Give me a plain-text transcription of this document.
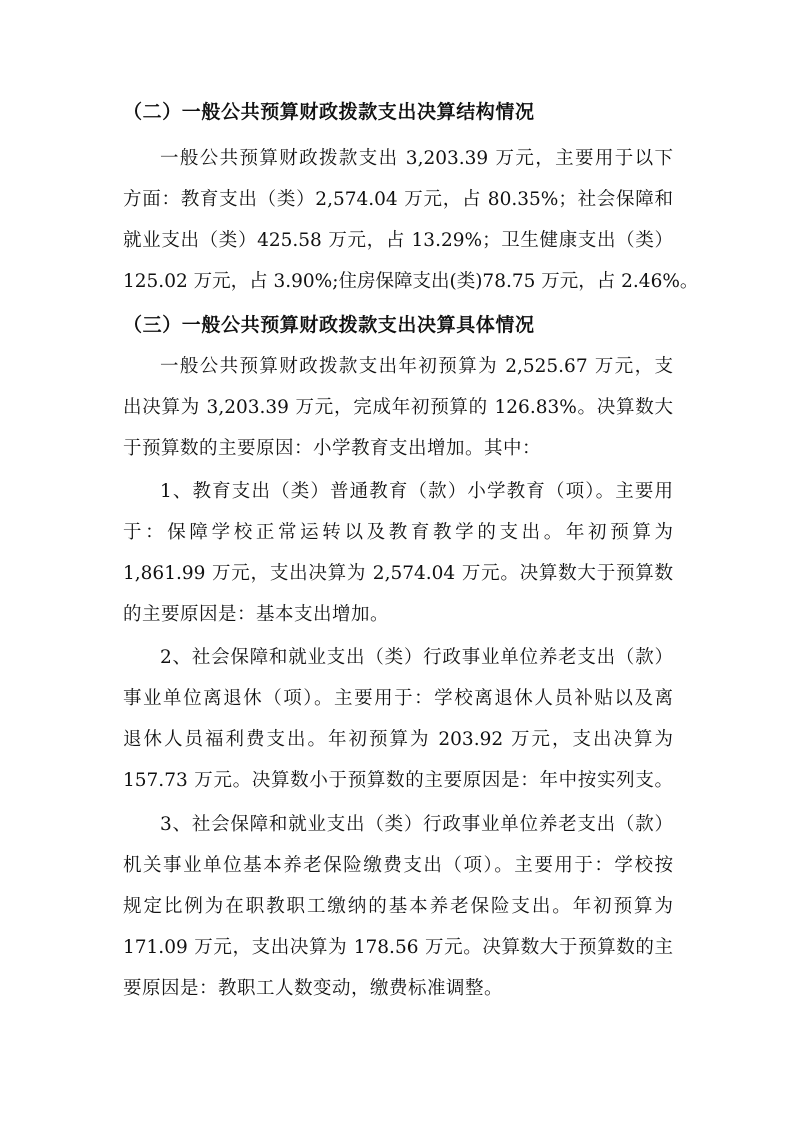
（二）一般公共预算财政拨款支出决算结构情况
一般公共预算财政拨款支出 3,203.39 万元，主要用于以下
方面：教育支出（类）2,574.04 万元，占 80.35%；社会保障和
就业支出（类）425.58 万元，占 13.29%；卫生健康支出（类）
125.02 万元，占 3.90%;住房保障支出(类)78.75 万元，占 2.46%。
（三）一般公共预算财政拨款支出决算具体情况
一般公共预算财政拨款支出年初预算为 2,525.67 万元，支
出决算为 3,203.39 万元，完成年初预算的 126.83%。决算数大
于预算数的主要原因：小学教育支出增加。其中：
1、教育支出（类）普通教育（款）小学教育（项）。主要用
于：保障学校正常运转以及教育教学的支出。年初预算为
1,861.99 万元，支出决算为 2,574.04 万元。决算数大于预算数
的主要原因是：基本支出增加。
2、社会保障和就业支出（类）行政事业单位养老支出（款）
事业单位离退休（项）。主要用于：学校离退休人员补贴以及离
退休人员福利费支出。年初预算为 203.92 万元，支出决算为
157.73 万元。决算数小于预算数的主要原因是：年中按实列支。
3、社会保障和就业支出（类）行政事业单位养老支出（款）
机关事业单位基本养老保险缴费支出（项）。主要用于：学校按
规定比例为在职教职工缴纳的基本养老保险支出。年初预算为
171.09 万元，支出决算为 178.56 万元。决算数大于预算数的主
要原因是：教职工人数变动，缴费标准调整。
